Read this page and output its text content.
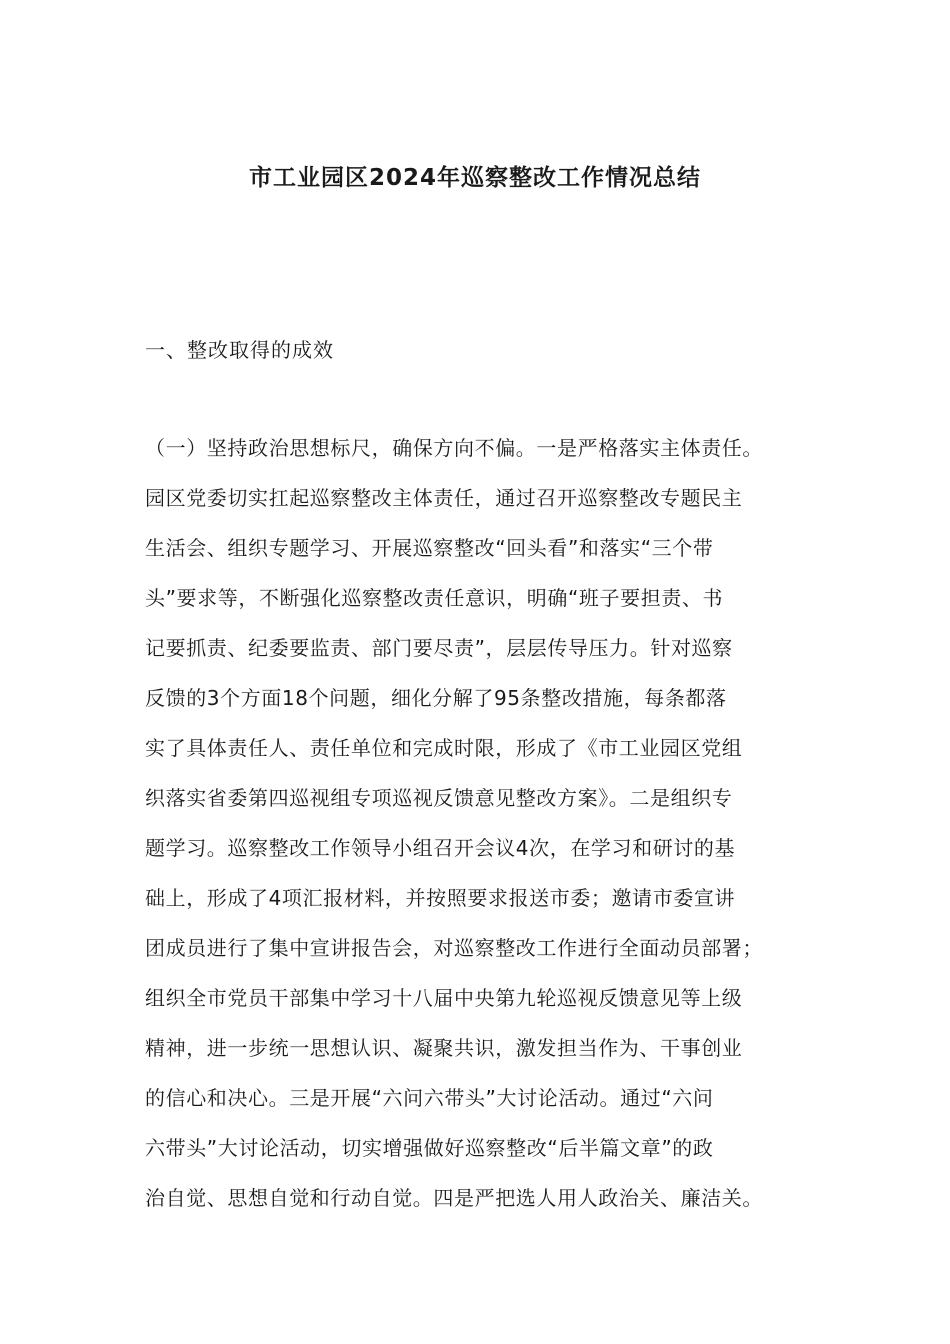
市工业园区2024年巡察整改工作情况总结

一、整改取得的成效

（一）坚持政治思想标尺，确保方向不偏。一是严格落实主体责任。
园区党委切实扛起巡察整改主体责任，通过召开巡察整改专题民主
生活会、组织专题学习、开展巡察整改“回头看”和落实“三个带
头”要求等，不断强化巡察整改责任意识，明确“班子要担责、书
记要抓责、纪委要监责、部门要尽责”，层层传导压力。针对巡察
反馈的3个方面18个问题，细化分解了95条整改措施，每条都落
实了具体责任人、责任单位和完成时限，形成了《市工业园区党组
织落实省委第四巡视组专项巡视反馈意见整改方案》。二是组织专
题学习。巡察整改工作领导小组召开会议4次，在学习和研讨的基
础上，形成了4项汇报材料，并按照要求报送市委；邀请市委宣讲
团成员进行了集中宣讲报告会，对巡察整改工作进行全面动员部署；
组织全市党员干部集中学习十八届中央第九轮巡视反馈意见等上级
精神，进一步统一思想认识、凝聚共识，激发担当作为、干事创业
的信心和决心。三是开展“六问六带头”大讨论活动。通过“六问
六带头”大讨论活动，切实增强做好巡察整改“后半篇文章”的政
治自觉、思想自觉和行动自觉。四是严把选人用人政治关、廉洁关。
